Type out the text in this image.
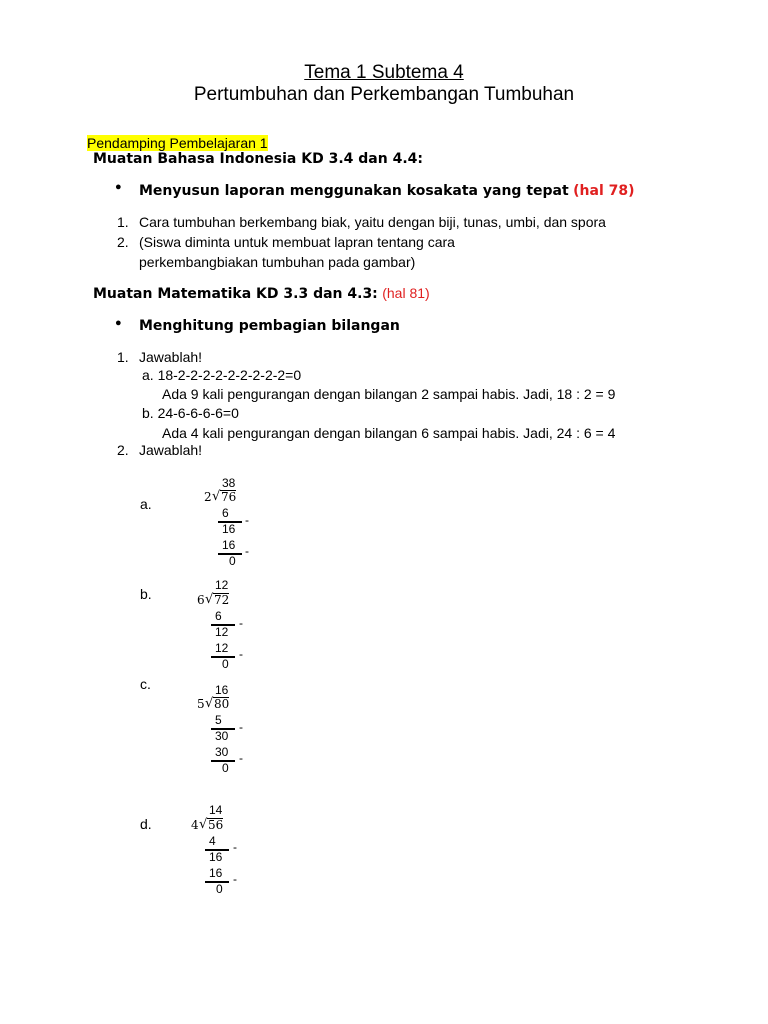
Tema 1 Subtema 4
Pertumbuhan dan Perkembangan Tumbuhan
Pendamping Pembelajaran 1
Muatan Bahasa Indonesia KD 3.4 dan 4.4:
● Menyusun laporan menggunakan kosakata yang tepat (hal 78)
1. Cara tumbuhan berkembang biak, yaitu dengan biji, tunas, umbi, dan spora
2. (Siswa diminta untuk membuat lapran tentang cara
perkembangbiakan tumbuhan pada gambar)
Muatan Matematika KD 3.3 dan 4.3: (hal 81)
● Menghitung pembagian bilangan
1. Jawablah!
a. 18-2-2-2-2-2-2-2-2-2=0
Ada 9 kali pengurangan dengan bilangan 2 sampai habis. Jadi, 18 : 2 = 9
b. 24-6-6-6-6=0
Ada 4 kali pengurangan dengan bilangan 6 sampai habis. Jadi, 24 : 6 = 4
2. Jawablah!
a.
38
2 √ 76
6 -
16
16 -
0
b.
12
6 √ 72
6 -
12
12 -
0
c.	16
5 √ 80
5 -
30
30 -
0
d.
14
4 √ 56
4 -
16
16 -
0
